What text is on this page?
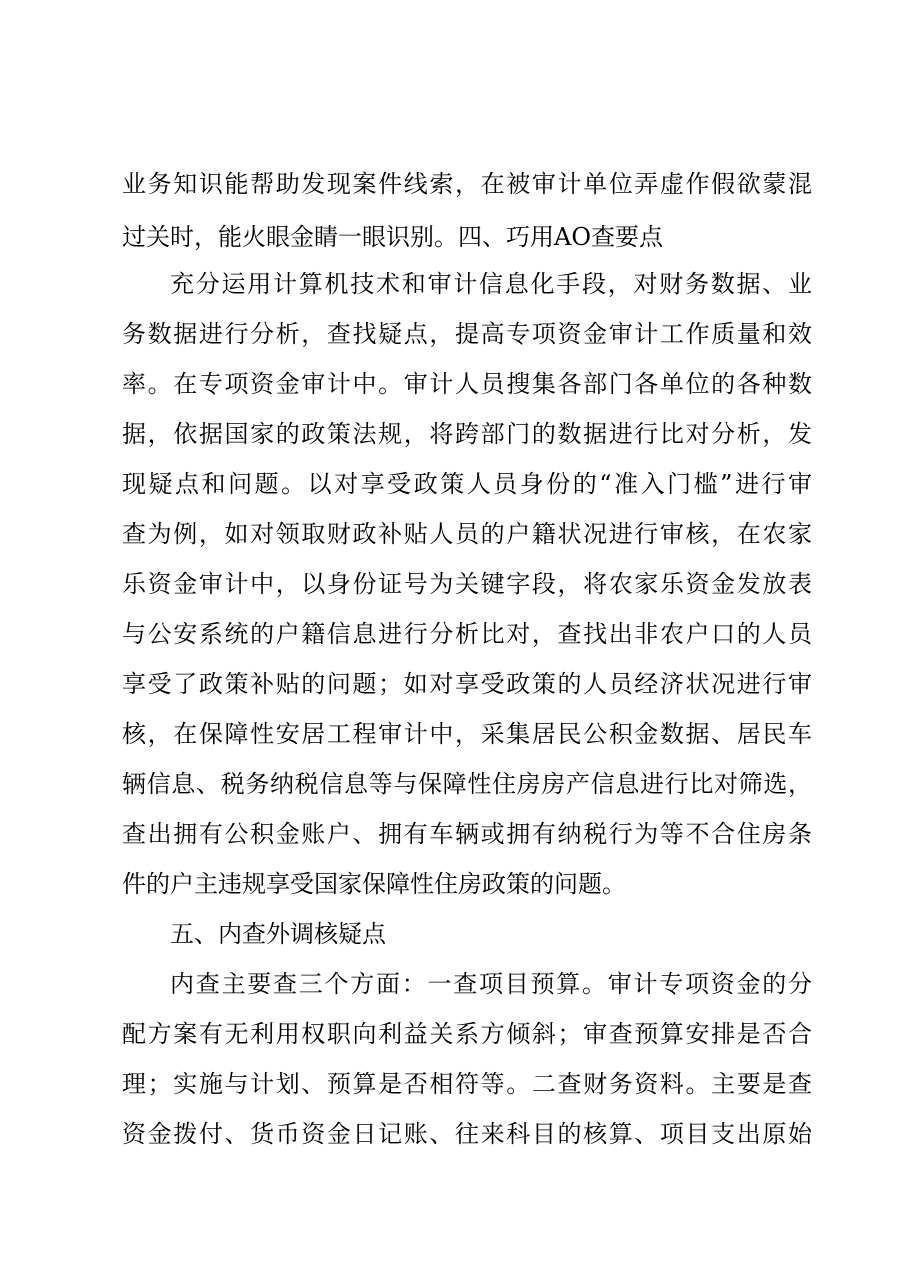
业务知识能帮助发现案件线索，在被审计单位弄虚作假欲蒙混
过关时，能火眼金睛一眼识别。四、巧用AO查要点
充分运用计算机技术和审计信息化手段，对财务数据、业
务数据进行分析，查找疑点，提高专项资金审计工作质量和效
率。在专项资金审计中。审计人员搜集各部门各单位的各种数
据，依据国家的政策法规，将跨部门的数据进行比对分析，发
现疑点和问题。以对享受政策人员身份的“准入门槛”进行审
查为例，如对领取财政补贴人员的户籍状况进行审核，在农家
乐资金审计中，以身份证号为关键字段，将农家乐资金发放表
与公安系统的户籍信息进行分析比对，查找出非农户口的人员
享受了政策补贴的问题；如对享受政策的人员经济状况进行审
核，在保障性安居工程审计中，采集居民公积金数据、居民车
辆信息、税务纳税信息等与保障性住房房产信息进行比对筛选，
查出拥有公积金账户、拥有车辆或拥有纳税行为等不合住房条
件的户主违规享受国家保障性住房政策的问题。
五、内查外调核疑点
内查主要查三个方面：一查项目预算。审计专项资金的分
配方案有无利用权职向利益关系方倾斜；审查预算安排是否合
理；实施与计划、预算是否相符等。二查财务资料。主要是查
资金拨付、货币资金日记账、往来科目的核算、项目支出原始
